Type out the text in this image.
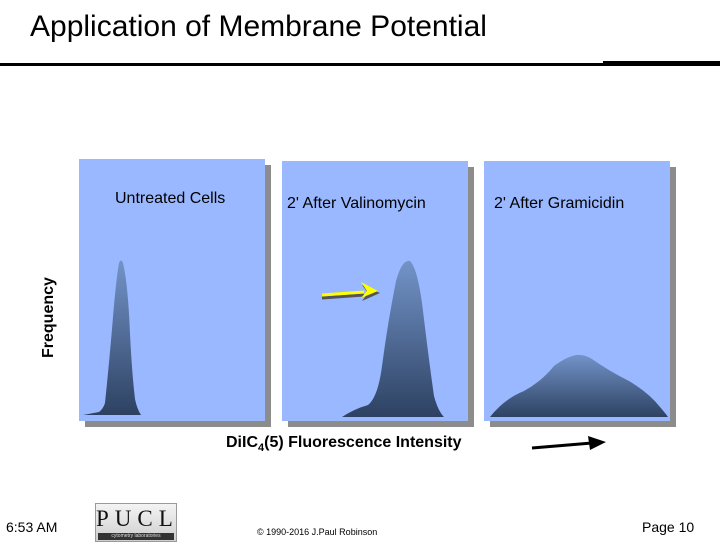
Application of Membrane Potential
Frequency
Untreated Cells	2' After Valinomycin	2' After Gramicidin
DiIC$_4$(5) Fluorescence Intensity
6:53 AM PUCL
cytometry laboratories	© 1990-2016 J.Paul Robinson	Page 10
